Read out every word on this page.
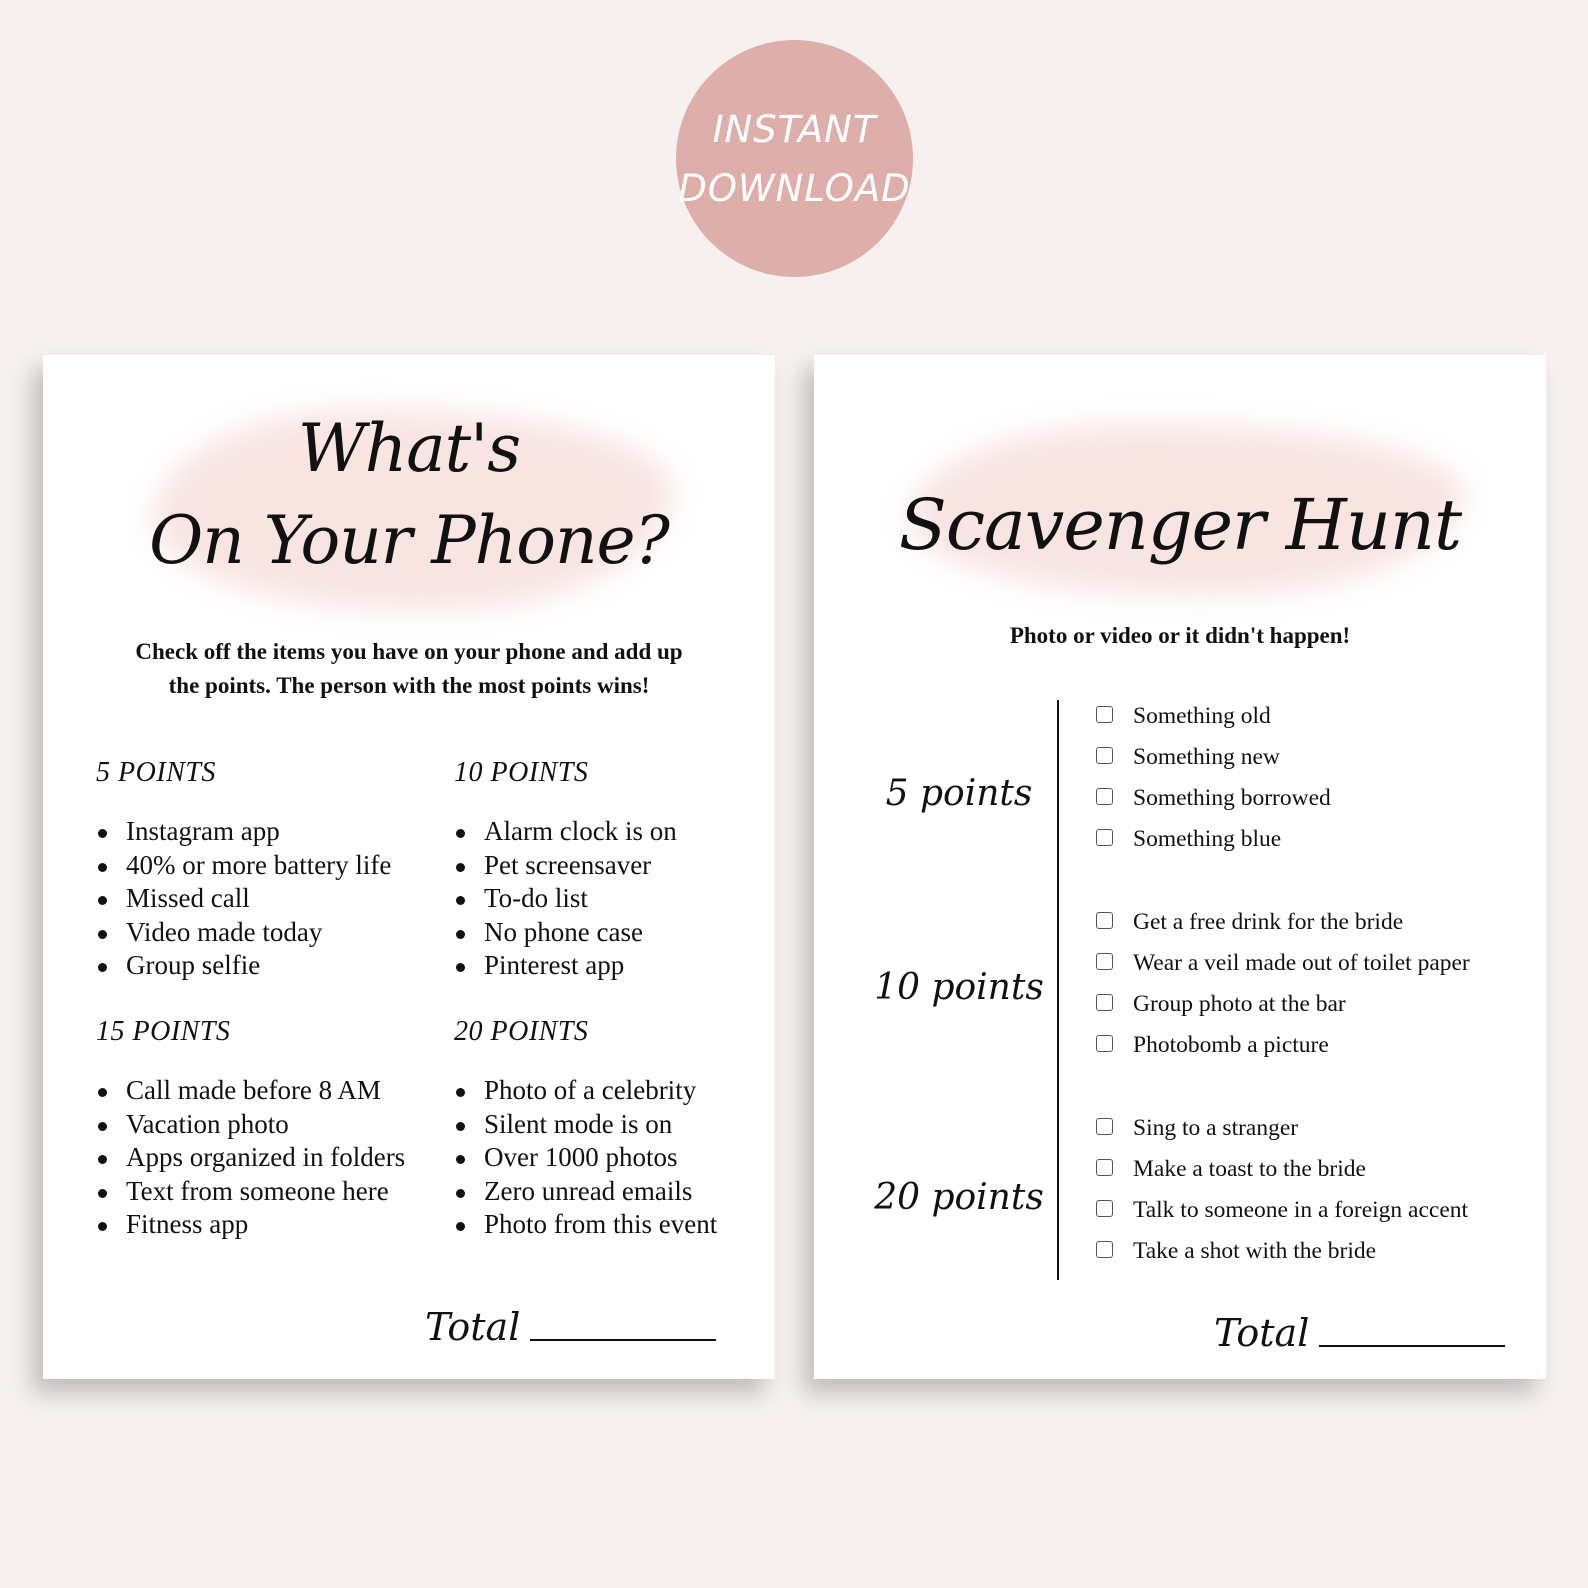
INSTANT
DOWNLOAD
What's
On Your Phone?
Check off the items you have on your phone and add up
the points. The person with the most points wins!
5 POINTS
Instagram app
40% or more battery life
Missed call
Video made today
Group selfie
10 POINTS
Alarm clock is on
Pet screensaver
To-do list
No phone case
Pinterest app
15 POINTS
Call made before 8 AM
Vacation photo
Apps organized in folders
Text from someone here
Fitness app
20 POINTS
Photo of a celebrity
Silent mode is on
Over 1000 photos
Zero unread emails
Photo from this event
Total
Scavenger Hunt
Photo or video or it didn't happen!
5 points
10 points
20 points
Something old
Something new
Something borrowed
Something blue
Get a free drink for the bride
Wear a veil made out of toilet paper
Group photo at the bar
Photobomb a picture
Sing to a stranger
Make a toast to the bride
Talk to someone in a foreign accent
Take a shot with the bride
Total
